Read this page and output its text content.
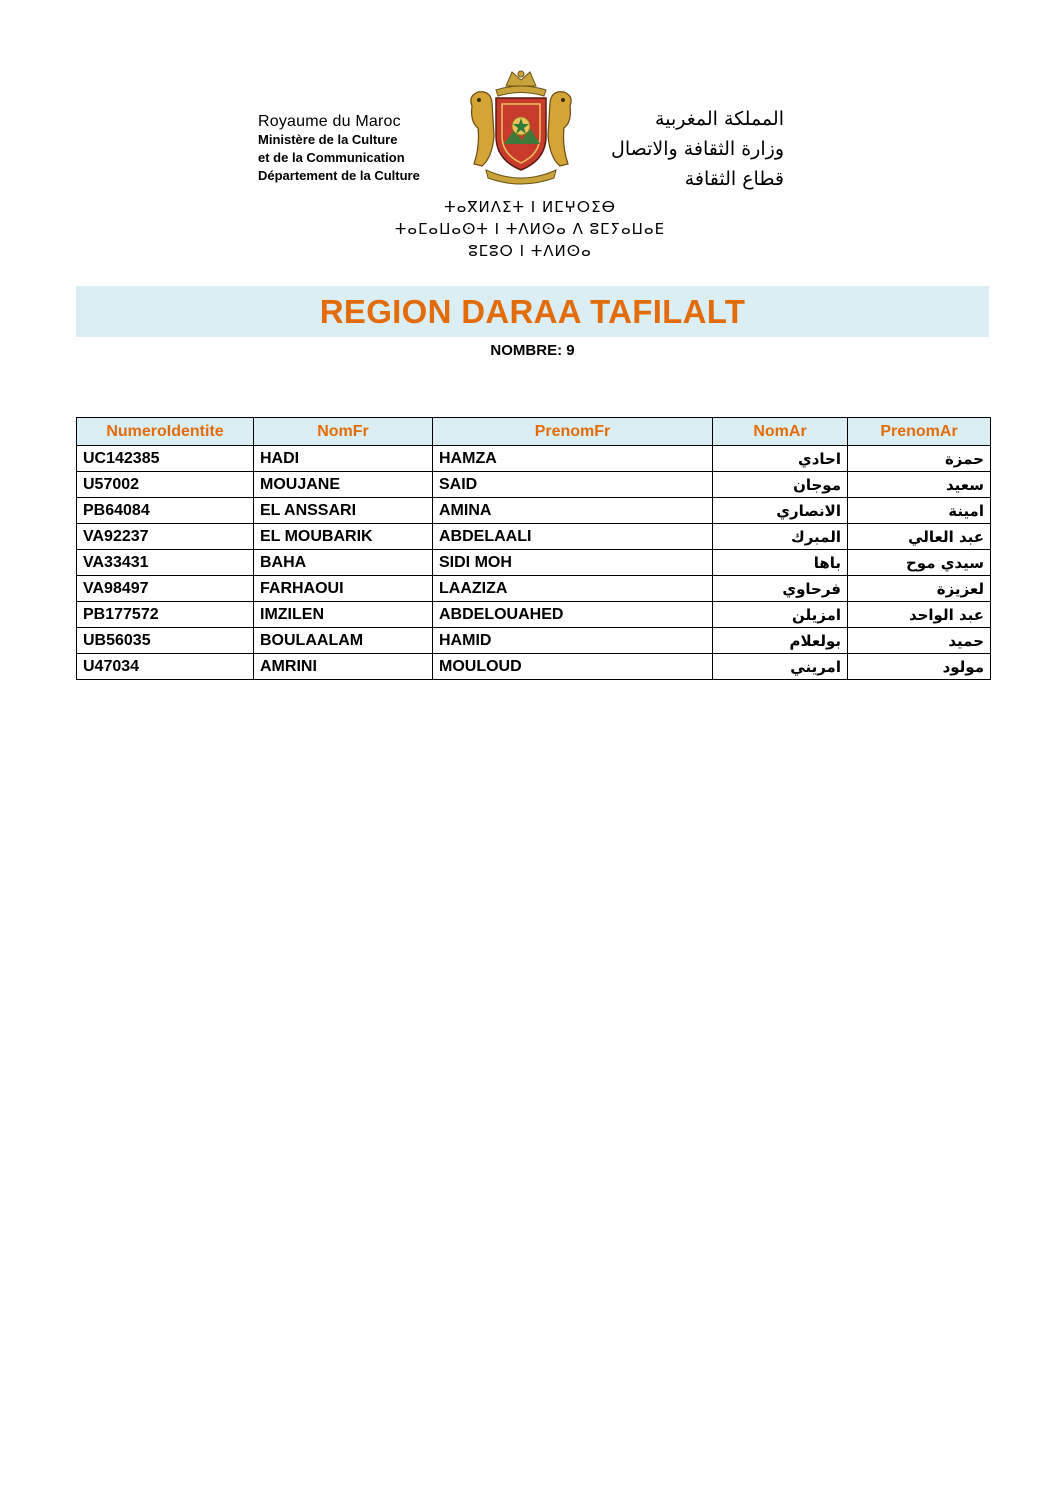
Royaume du Maroc
Ministère de la Culture
et de la Communication
Département de la Culture
المملكة المغربية
وزارة الثقافة والاتصال
قطاع الثقافة
ⵜⴰⴳⵍⴷⵉⵜ ⵏ ⵍⵎⵖⵔⵉⴱ
ⵜⴰⵎⴰⵡⴰⵙⵜ ⵏ ⵜⴷⵍⵙⴰ ⴷ ⵓⵎⵢⴰⵡⴰⴹ
ⵓⵎⵓⵔ ⵏ ⵜⴷⵍⵙⴰ
REGION DARAA TAFILALT
NOMBRE: 9
NumeroIdentite	NomFr	PrenomFr	NomAr	PrenomAr
UC142385	HADI	HAMZA	احادي	حمزة
U57002	MOUJANE	SAID	موجان	سعيد
PB64084	EL ANSSARI	AMINA	الانصاري	امينة
VA92237	EL MOUBARIK	ABDELAALI	المبرك	عبد العالي
VA33431	BAHA	SIDI MOH	باها	سيدي موح
VA98497	FARHAOUI	LAAZIZA	فرحاوي	لعزيزة
PB177572	IMZILEN	ABDELOUAHED	امزيلن	عبد الواحد
UB56035	BOULAALAM	HAMID	بولعلام	حميد
U47034	AMRINI	MOULOUD	امريني	مولود
